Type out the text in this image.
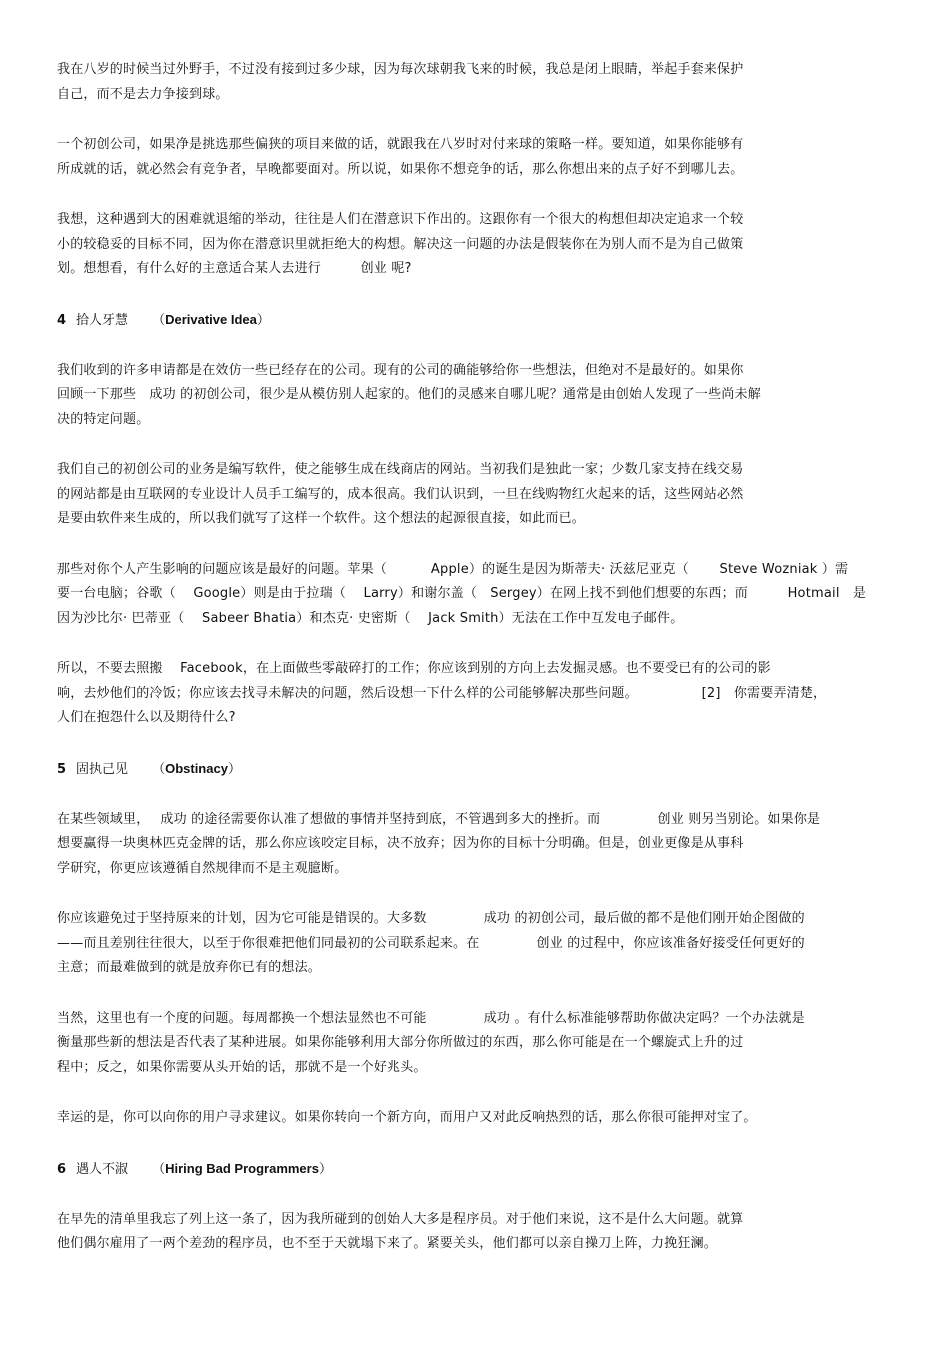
我在八岁的时候当过外野手，不过没有接到过多少球，因为每次球朝我飞来的时候，我总是闭上眼睛，举起手套来保护
自己，而不是去力争接到球。

一个初创公司，如果净是挑选那些偏狭的项目来做的话，就跟我在八岁时对付来球的策略一样。要知道，如果你能够有
所成就的话，就必然会有竞争者，早晚都要面对。所以说，如果你不想竞争的话，那么你想出来的点子好不到哪儿去。

我想，这种遇到大的困难就退缩的举动，往往是人们在潜意识下作出的。这跟你有一个很大的构想但却决定追求一个较
小的较稳妥的目标不同，因为你在潜意识里就拒绝大的构想。解决这一问题的办法是假装你在为别人而不是为自己做策
划。想想看，有什么好的主意适合某人去进行　　　创业 呢?

4 拾人牙慧 （Derivative Idea）

我们收到的许多申请都是在效仿一些已经存在的公司。现有的公司的确能够给你一些想法，但绝对不是最好的。如果你
回顾一下那些　成功 的初创公司，很少是从模仿别人起家的。他们的灵感来自哪儿呢？通常是由创始人发现了一些尚未解
决的特定问题。

我们自己的初创公司的业务是编写软件，使之能够生成在线商店的网站。当初我们是独此一家；少数几家支持在线交易
的网站都是由互联网的专业设计人员手工编写的，成本很高。我们认识到，一旦在线购物红火起来的话，这些网站必然
是要由软件来生成的，所以我们就写了这样一个软件。这个想法的起源很直接，如此而已。

那些对你个人产生影响的问题应该是最好的问题。苹果（　　　 Apple）的诞生是因为斯蒂夫· 沃兹尼亚克（　　 Steve Wozniak ）需
要一台电脑；谷歌（　 Google）则是由于拉瑞（　 Larry）和谢尔盖（　Sergey）在网上找不到他们想要的东西；而　　　Hotmail　是
因为沙比尔· 巴蒂亚（　 Sabeer Bhatia）和杰克· 史密斯（　 Jack Smith）无法在工作中互发电子邮件。

所以，不要去照搬　 Facebook，在上面做些零敲碎打的工作；你应该到别的方向上去发掘灵感。也不要受已有的公司的影
响，去炒他们的冷饭；你应该去找寻未解决的问题，然后设想一下什么样的公司能够解决那些问题。　　　　　 [2]　你需要弄清楚，
人们在抱怨什么以及期待什么?

5 固执己见 （Obstinacy）

在某些领域里，　 成功 的途径需要你认准了想做的事情并坚持到底，不管遇到多大的挫折。而　　　　 创业 则另当别论。如果你是
想要赢得一块奥林匹克金牌的话，那么你应该咬定目标，决不放弃；因为你的目标十分明确。但是，创业更像是从事科
学研究，你更应该遵循自然规律而不是主观臆断。

你应该避免过于坚持原来的计划，因为它可能是错误的。大多数　　　　 成功 的初创公司，最后做的都不是他们刚开始企图做的
——而且差别往往很大，以至于你很难把他们同最初的公司联系起来。在　　　　 创业 的过程中，你应该准备好接受任何更好的
主意；而最难做到的就是放弃你已有的想法。

当然，这里也有一个度的问题。每周都换一个想法显然也不可能　　　　 成功 。有什么标准能够帮助你做决定吗？一个办法就是
衡量那些新的想法是否代表了某种进展。如果你能够利用大部分你所做过的东西，那么你可能是在一个螺旋式上升的过
程中；反之，如果你需要从头开始的话，那就不是一个好兆头。

幸运的是，你可以向你的用户寻求建议。如果你转向一个新方向，而用户又对此反响热烈的话，那么你很可能押对宝了。

6 遇人不淑 （Hiring Bad Programmers）

在早先的清单里我忘了列上这一条了，因为我所碰到的创始人大多是程序员。对于他们来说，这不是什么大问题。就算
他们偶尔雇用了一两个差劲的程序员，也不至于天就塌下来了。紧要关头，他们都可以亲自操刀上阵，力挽狂澜。
